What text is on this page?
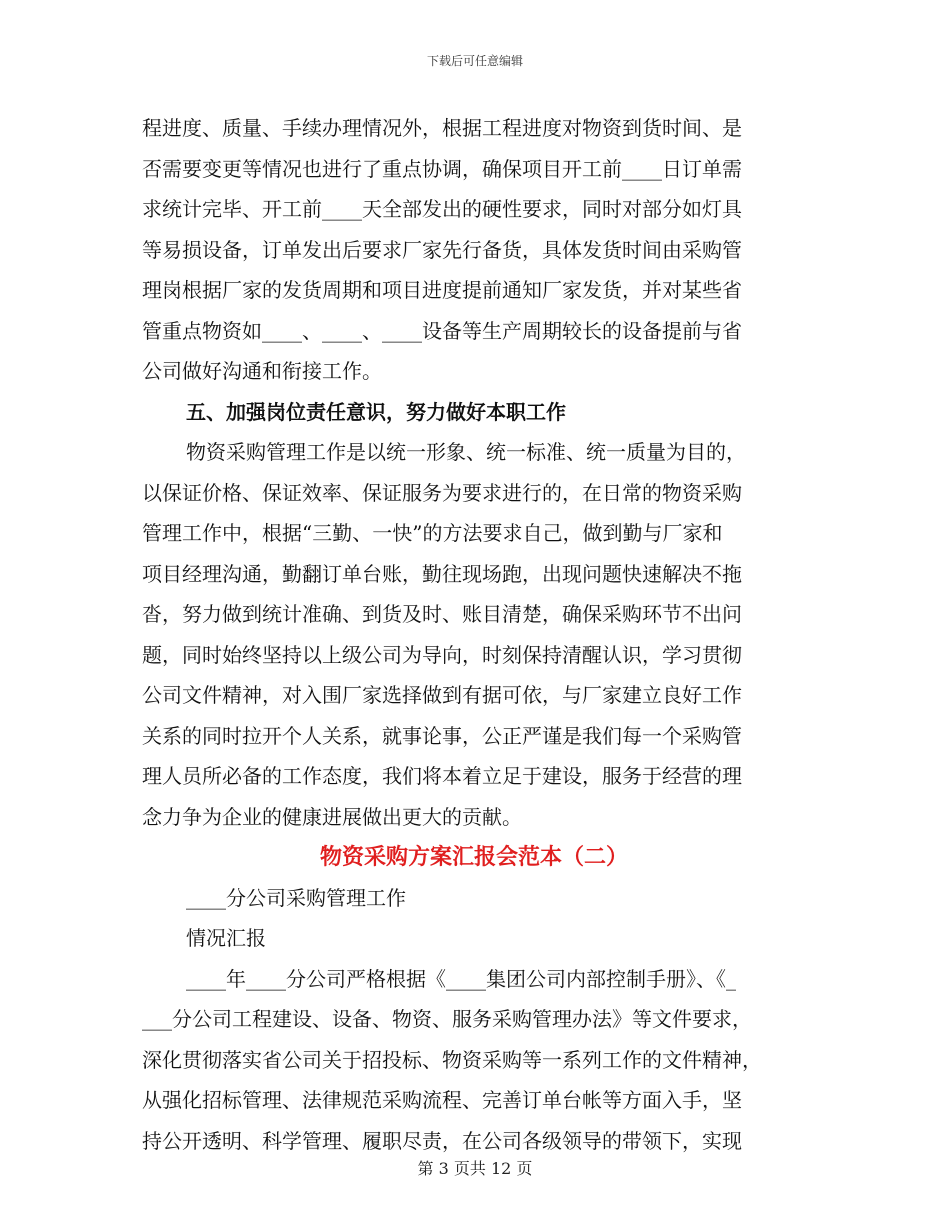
下载后可任意编辑
程进度、质量、手续办理情况外，根据工程进度对物资到货时间、是
否需要变更等情况也进行了重点协调，确保项目开工前____日订单需
求统计完毕、开工前____天全部发出的硬性要求，同时对部分如灯具
等易损设备，订单发出后要求厂家先行备货，具体发货时间由采购管
理岗根据厂家的发货周期和项目进度提前通知厂家发货，并对某些省
管重点物资如____、____、____设备等生产周期较长的设备提前与省
公司做好沟通和衔接工作。
五、加强岗位责任意识，努力做好本职工作
物资采购管理工作是以统一形象、统一标准、统一质量为目的，
以保证价格、保证效率、保证服务为要求进行的，在日常的物资采购
管理工作中，根据“三勤、一快”的方法要求自己，做到勤与厂家和
项目经理沟通，勤翻订单台账，勤往现场跑，出现问题快速解决不拖
沓，努力做到统计准确、到货及时、账目清楚，确保采购环节不出问
题，同时始终坚持以上级公司为导向，时刻保持清醒认识，学习贯彻
公司文件精神，对入围厂家选择做到有据可依，与厂家建立良好工作
关系的同时拉开个人关系，就事论事，公正严谨是我们每一个采购管
理人员所必备的工作态度，我们将本着立足于建设，服务于经营的理
念力争为企业的健康进展做出更大的贡献。
物资采购方案汇报会范本（二）
____分公司采购管理工作
情况汇报
____年____分公司严格根据《____集团公司内部控制手册》、《_
___分公司工程建设、设备、物资、服务采购管理办法》等文件要求，
深化贯彻落实省公司关于招投标、物资采购等一系列工作的文件精神，
从强化招标管理、法律规范采购流程、完善订单台帐等方面入手，坚
持公开透明、科学管理、履职尽责，在公司各级领导的带领下，实现
第 3 页共 12 页
